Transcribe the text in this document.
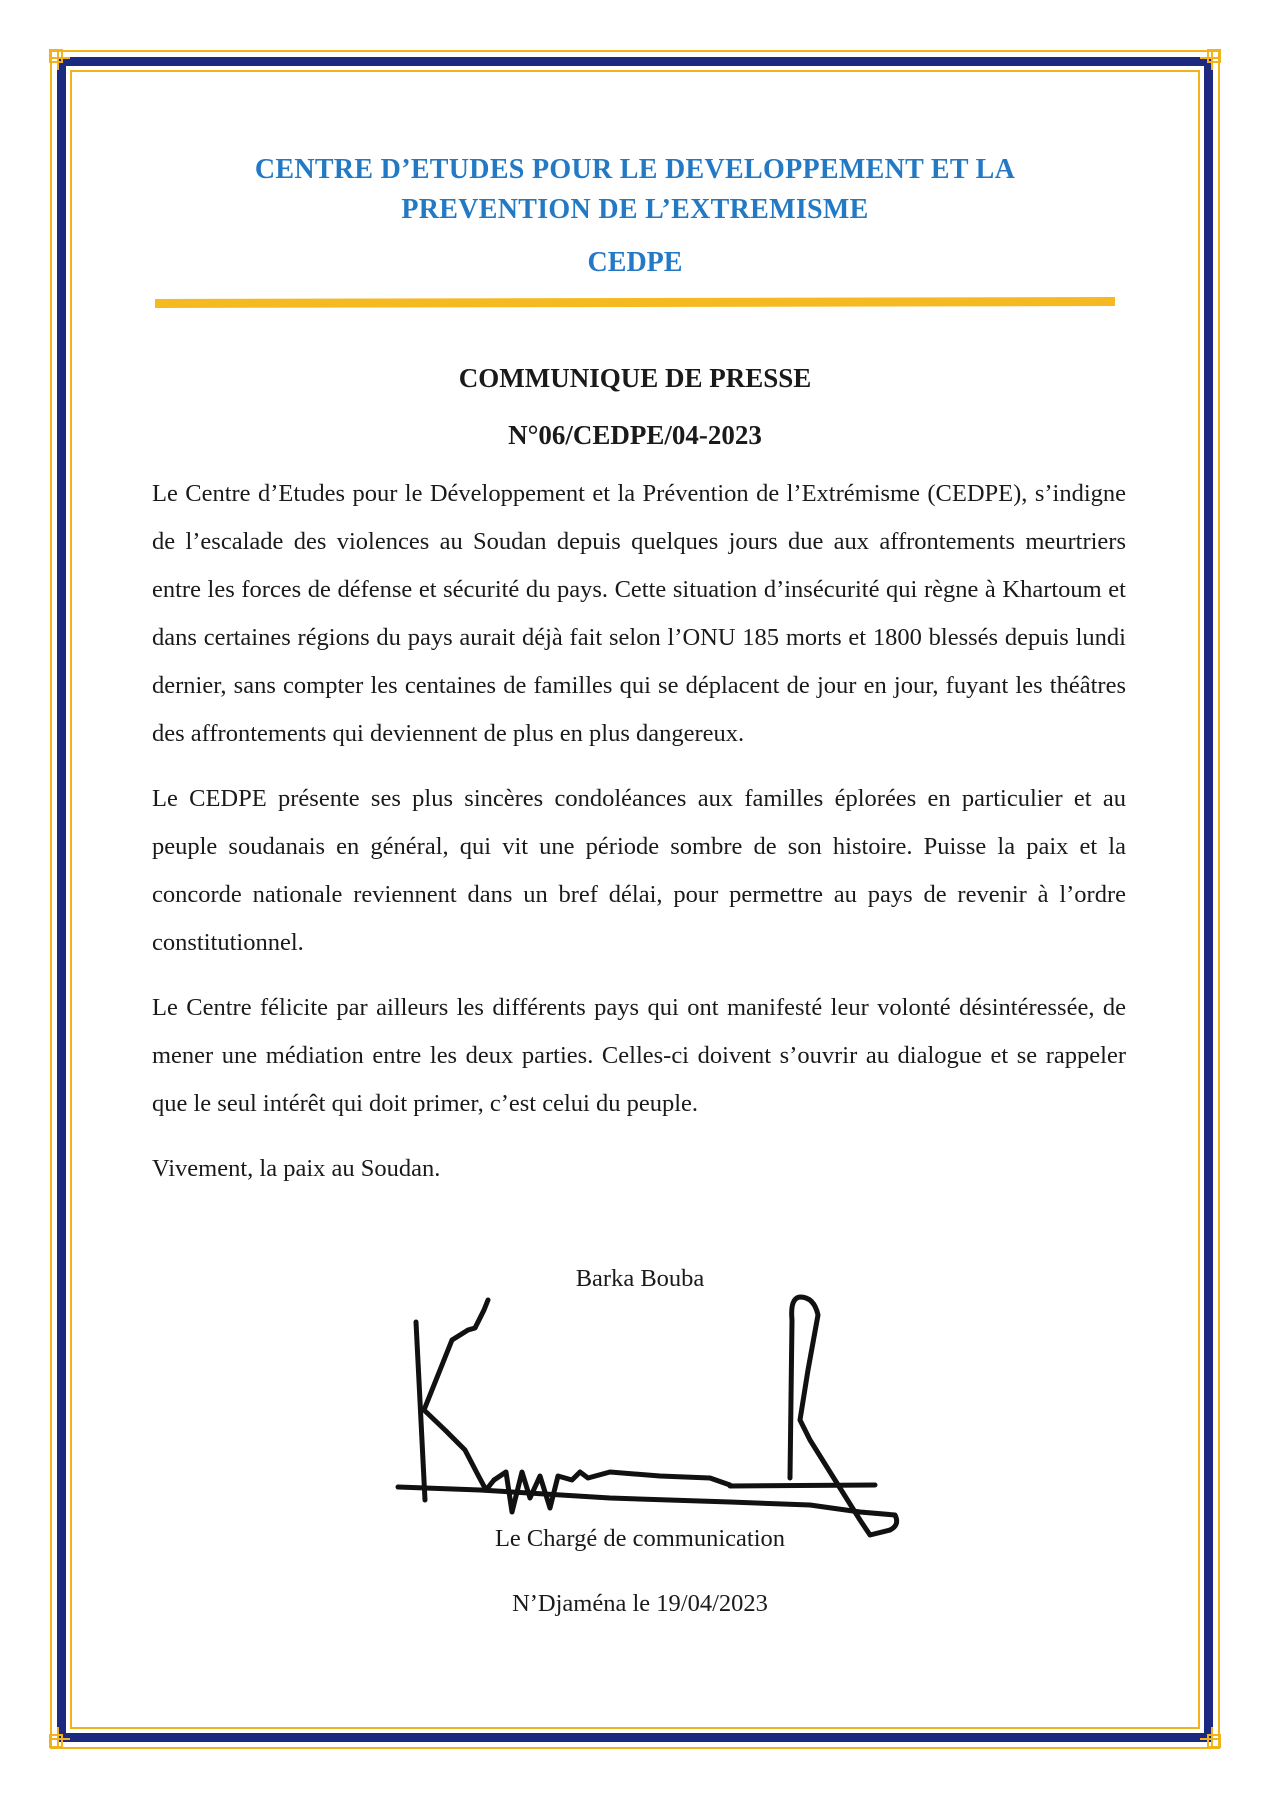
CENTRE D’ETUDES POUR LE DEVELOPPEMENT ET LA
PREVENTION DE L’EXTREMISME
CEDPE
COMMUNIQUE DE PRESSE
N°06/CEDPE/04-2023

Le Centre d’Etudes pour le Développement et la Prévention de l’Extrémisme (CEDPE), s’indigne de l’escalade des violences au Soudan depuis quelques jours due aux affrontements meurtriers entre les forces de défense et sécurité du pays. Cette situation d’insécurité qui règne à Khartoum et dans certaines régions du pays aurait déjà fait selon l’ONU 185 morts et 1800 blessés depuis lundi dernier, sans compter les centaines de familles qui se déplacent de jour en jour, fuyant les théâtres des affrontements qui deviennent de plus en plus dangereux.

Le CEDPE présente ses plus sincères condoléances aux familles éplorées en particulier et au peuple soudanais en général, qui vit une période sombre de son histoire. Puisse la paix et la concorde nationale reviennent dans un bref délai, pour permettre au pays de revenir à l’ordre constitutionnel.

Le Centre félicite par ailleurs les différents pays qui ont manifesté leur volonté désintéressée, de mener une médiation entre les deux parties. Celles-ci doivent s’ouvrir au dialogue et se rappeler que le seul intérêt qui doit primer, c’est celui du peuple.

Vivement, la paix au Soudan.

Barka Bouba
Le Chargé de communication
N’Djaména le 19/04/2023
